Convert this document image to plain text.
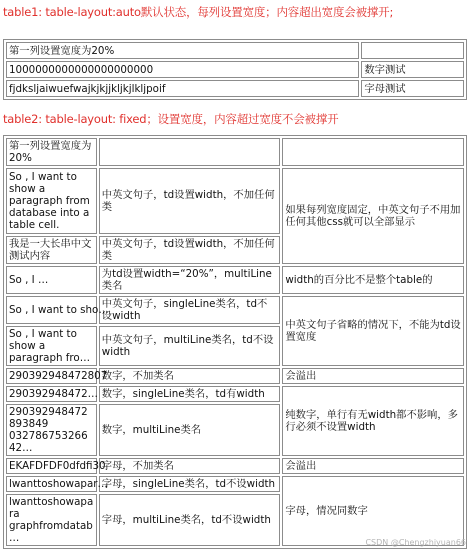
table1: table-layout:auto默认状态，每列设置宽度；内容超出宽度会被撑开;
第一列设置宽度为20%	
1000000000000000000000	数字测试
fjdksljaiwuefwajkjkjjkljkjlkljpoif	字母测试
table2: table-layout: fixed；设置宽度，内容超过宽度不会被撑开
第一列设置宽度为20%		
So , I want to show a paragraph from database into a table cell.	中英文句子，td设置width，不加任何类	如果每列宽度固定，中英文句子不用加任何其他css就可以全部显示
我是一大长串中文测试内容	中英文句子，td设置width，不加任何类	
So , I …	为td设置width=“20%”，multiLine类名	width的百分比不是整个table的
So , I want to sho…	中英文句子，singleLine类名，td不设width	中英文句子省略的情况下，不能为td设置宽度
So , I want to show a paragraph fro…	中英文句子，multiLine类名，td不设width	
290392948472807	数字，不加类名	会溢出
290392948472…	数字，singleLine类名，td有width	纯数字，单行有无width都不影响，多行必须不设置width
290392948472893849 03278675326642…	数字，multiLine类名	
EKAFDFDF0dfdfi30	字母，不加类名	会溢出
lwanttoshowapar…	字母，singleLine类名，td不设width	字母，情况同数字
lwanttoshowapara graphfromdatab…	字母，multiLine类名，td不设width	
CSDN @Chengzhiyuan66
